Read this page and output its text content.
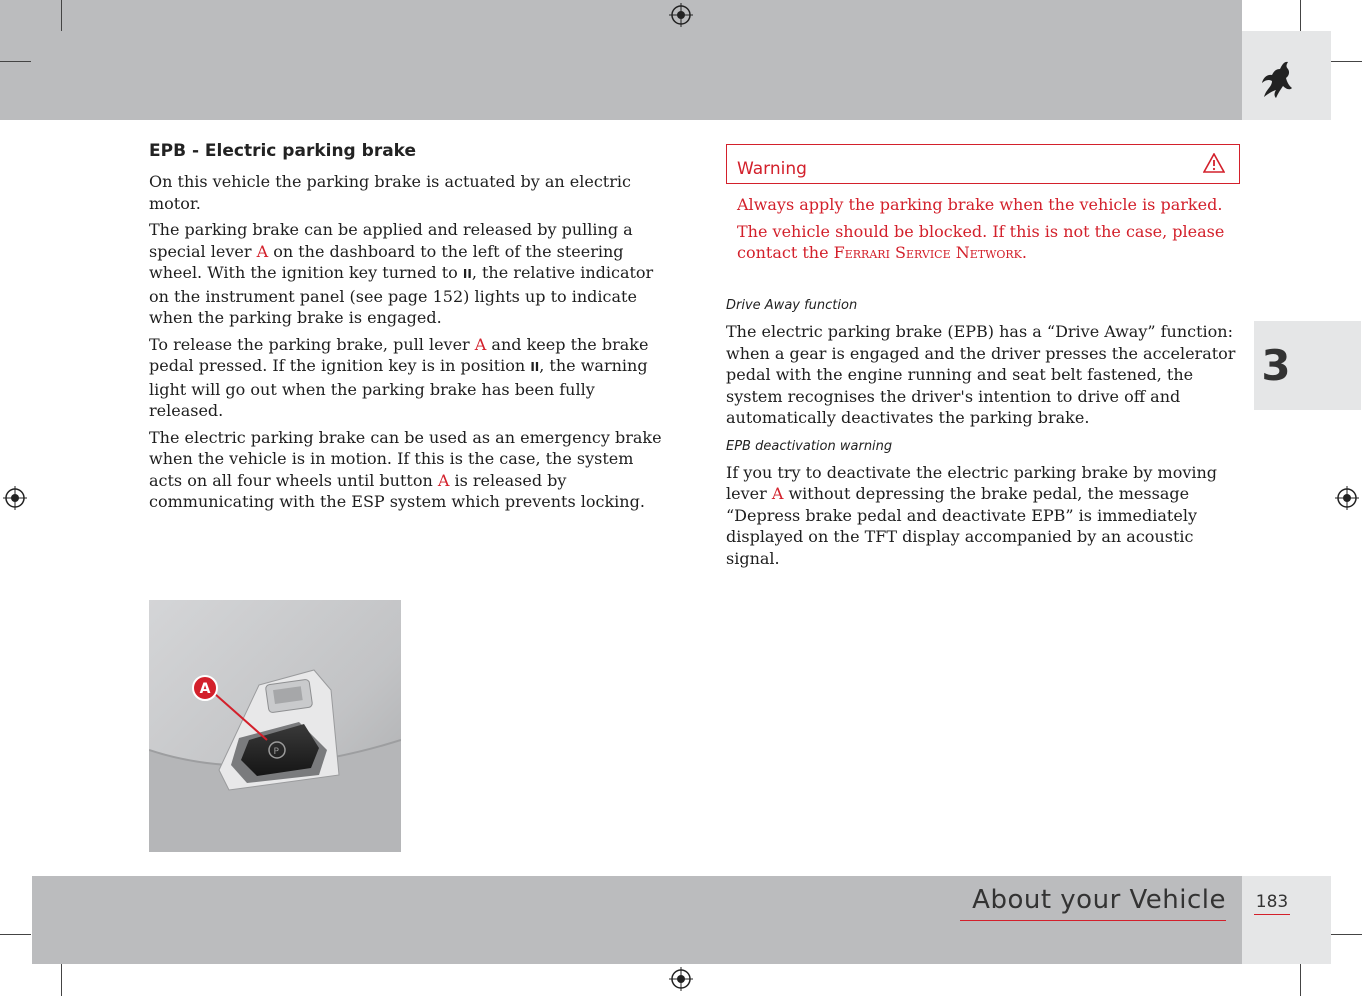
3
About your Vehicle 183
EPB - Electric parking brake

On this vehicle the parking brake is actuated by an electric motor.

The parking brake can be applied and released by pulling a special lever A on the dashboard to the left of the steering wheel. With the ignition key turned to II, the relative indicator on the instrument panel (see page 152) lights up to indicate when the parking brake is engaged.

To release the parking brake, pull lever A and keep the brake pedal pressed. If the ignition key is in position II, the warning light will go out when the parking brake has been fully released.

The electric parking brake can be used as an emergency brake when the vehicle is in motion. If this is the case, the system acts on all four wheels until button A is released by communicating with the ESP system which prevents locking.

Warning

Always apply the parking brake when the vehicle is parked.

The vehicle should be blocked. If this is not the case, please contact the Ferrari Service Network.

Drive Away function

The electric parking brake (EPB) has a “Drive Away” function: when a gear is engaged and the driver presses the accelerator pedal with the engine running and seat belt fastened, the system recognises the driver's intention to drive off and automatically deactivates the parking brake.

EPB deactivation warning

If you try to deactivate the electric parking brake by moving lever A without depressing the brake pedal, the message “Depress brake pedal and deactivate EPB” is immediately displayed on the TFT display accompanied by an acoustic signal.

P
A
